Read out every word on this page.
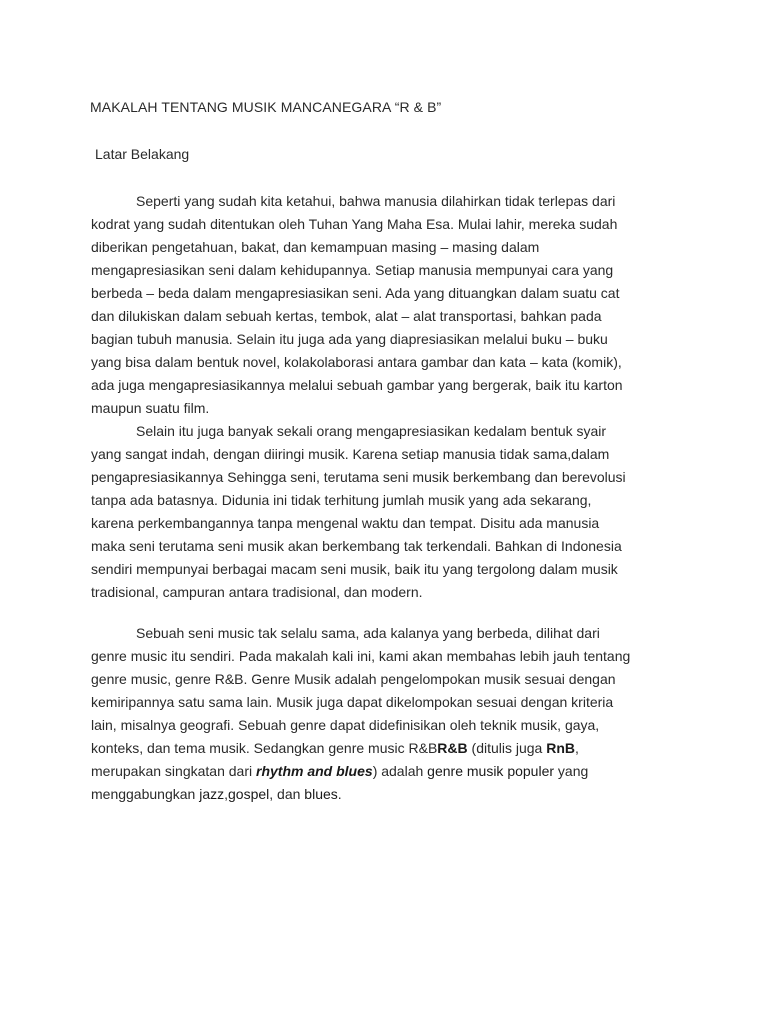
MAKALAH TENTANG MUSIK MANCANEGARA “R & B”
Latar Belakang
Seperti yang sudah kita ketahui, bahwa manusia dilahirkan tidak terlepas dari
kodrat yang sudah ditentukan oleh Tuhan Yang Maha Esa. Mulai lahir, mereka sudah
diberikan pengetahuan, bakat, dan kemampuan masing – masing dalam
mengapresiasikan seni dalam kehidupannya. Setiap manusia mempunyai cara yang
berbeda – beda dalam mengapresiasikan seni. Ada yang dituangkan dalam suatu cat
dan dilukiskan dalam sebuah kertas, tembok, alat – alat transportasi, bahkan pada
bagian tubuh manusia. Selain itu juga ada yang diapresiasikan melalui buku – buku
yang bisa dalam bentuk novel, kolakolaborasi antara gambar dan kata – kata (komik),
ada juga mengapresiasikannya melalui sebuah gambar yang bergerak, baik itu karton
maupun suatu film.
Selain itu juga banyak sekali orang mengapresiasikan kedalam bentuk syair
yang sangat indah, dengan diiringi musik. Karena setiap manusia tidak sama,dalam
pengapresiasikannya Sehingga seni, terutama seni musik berkembang dan berevolusi
tanpa ada batasnya. Didunia ini tidak terhitung jumlah musik yang ada sekarang,
karena perkembangannya tanpa mengenal waktu dan tempat. Disitu ada manusia
maka seni terutama seni musik akan berkembang tak terkendali. Bahkan di Indonesia
sendiri mempunyai berbagai macam seni musik, baik itu yang tergolong dalam musik
tradisional, campuran antara tradisional, dan modern.
Sebuah seni music tak selalu sama, ada kalanya yang berbeda, dilihat dari
genre music itu sendiri. Pada makalah kali ini, kami akan membahas lebih jauh tentang
genre music, genre R&B. Genre Musik adalah pengelompokan musik sesuai dengan
kemiripannya satu sama lain. Musik juga dapat dikelompokan sesuai dengan kriteria
lain, misalnya geografi. Sebuah genre dapat didefinisikan oleh teknik musik, gaya,
konteks, dan tema musik. Sedangkan genre music R&BR&B (ditulis juga RnB,
merupakan singkatan dari rhythm and blues) adalah genre musik populer yang
menggabungkan jazz,gospel, dan blues.
